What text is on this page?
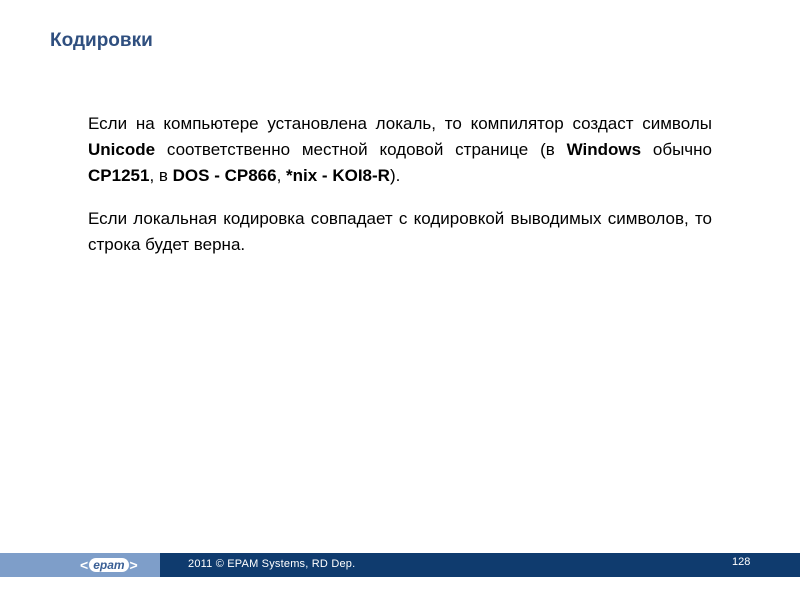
Кодировки

Если на компьютере установлена локаль, то компилятор создаст символы Unicode соответственно местной кодовой странице (в Windows обычно CP1251, в DOS - CP866, *nix - KOI8-R).

Если локальная кодировка совпадает с кодировкой выводимых символов, то строка будет верна.

< epam >	2011 © EPAM Systems, RD Dep.	128
